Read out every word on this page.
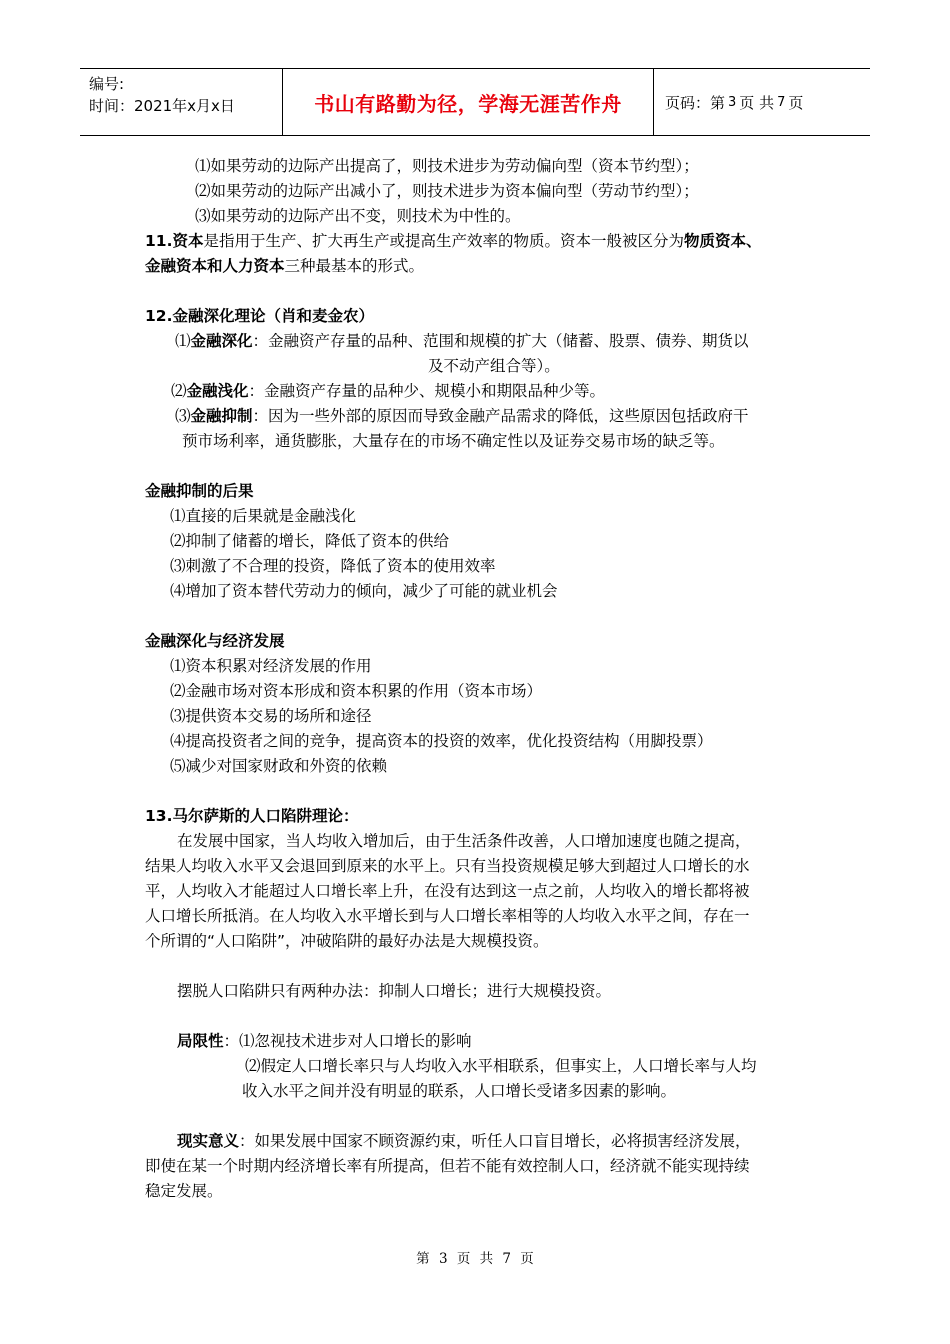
编号:
时间：2021年x月x日	书山有路勤为径，学海无涯苦作舟	页码：第 3 页 共 7 页
⑴如果劳动的边际产出提高了，则技术进步为劳动偏向型（资本节约型）；
⑵如果劳动的边际产出减小了，则技术进步为资本偏向型（劳动节约型）；
⑶如果劳动的边际产出不变，则技术为中性的。
11.资本是指用于生产、扩大再生产或提高生产效率的物质。资本一般被区分为物质资本、
金融资本和人力资本三种最基本的形式。
12.金融深化理论（肖和麦金农）
⑴金融深化：金融资产存量的品种、范围和规模的扩大（储蓄、股票、债券、期货以
及不动产组合等）。
⑵金融浅化：金融资产存量的品种少、规模小和期限品种少等。
⑶金融抑制：因为一些外部的原因而导致金融产品需求的降低，这些原因包括政府干
预市场利率，通货膨胀，大量存在的市场不确定性以及证券交易市场的缺乏等。
金融抑制的后果
⑴直接的后果就是金融浅化
⑵抑制了储蓄的增长，降低了资本的供给
⑶刺激了不合理的投资，降低了资本的使用效率
⑷增加了资本替代劳动力的倾向，减少了可能的就业机会
金融深化与经济发展
⑴资本积累对经济发展的作用
⑵金融市场对资本形成和资本积累的作用（资本市场）
⑶提供资本交易的场所和途径
⑷提高投资者之间的竞争，提高资本的投资的效率，优化投资结构（用脚投票）
⑸减少对国家财政和外资的依赖
13.马尔萨斯的人口陷阱理论：
在发展中国家，当人均收入增加后，由于生活条件改善，人口增加速度也随之提高，
结果人均收入水平又会退回到原来的水平上。只有当投资规模足够大到超过人口增长的水
平，人均收入才能超过人口增长率上升，在没有达到这一点之前，人均收入的增长都将被
人口增长所抵消。在人均收入水平增长到与人口增长率相等的人均收入水平之间，存在一
个所谓的“人口陷阱”，冲破陷阱的最好办法是大规模投资。
摆脱人口陷阱只有两种办法：抑制人口增长；进行大规模投资。
局限性：⑴忽视技术进步对人口增长的影响
⑵假定人口增长率只与人均收入水平相联系，但事实上，人口增长率与人均
收入水平之间并没有明显的联系，人口增长受诸多因素的影响。
现实意义：如果发展中国家不顾资源约束，听任人口盲目增长，必将损害经济发展，
即使在某一个时期内经济增长率有所提高，但若不能有效控制人口，经济就不能实现持续
稳定发展。
第 3 页 共 7 页
